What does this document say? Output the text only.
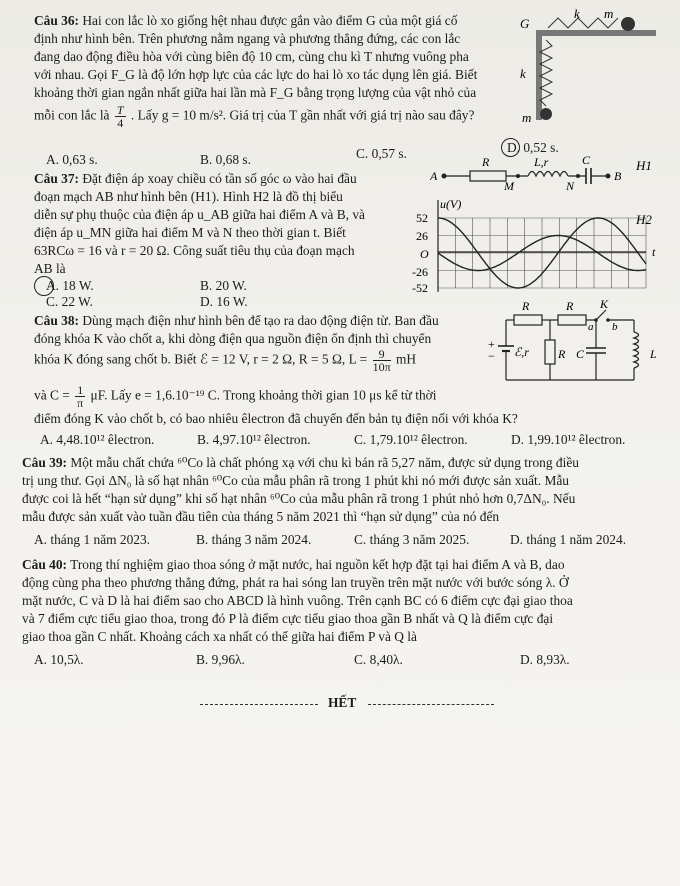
Câu 36: Hai con lắc lò xo giống hệt nhau được gắn vào điểm G của một giá cố
định như hình bên. Trên phương nằm ngang và phương thẳng đứng, các con lắc
đang dao động điều hòa với cùng biên độ 10 cm, cùng chu kì T nhưng vuông pha
với nhau. Gọi F_G là độ lớn hợp lực của các lực do hai lò xo tác dụng lên giá. Biết
khoảng thời gian ngắn nhất giữa hai lần mà F_G bằng trọng lượng của vật nhỏ của
mỗi con lắc là $\frac{T}{4}$ . Lấy g = 10 m/s². Giá trị của T gần nhất với giá trị nào sau đây?
A. 0,63 s.	B. 0,68 s.	C. 0,57 s.	D. 0,52 s.
G
k m
k
m
Câu 37: Đặt điện áp xoay chiều có tần số góc ω vào hai đầu
đoạn mạch AB như hình bên (H1). Hình H2 là đồ thị biểu
diễn sự phụ thuộc của điện áp u_AB giữa hai điểm A và B, và
điện áp u_MN giữa hai điểm M và N theo thời gian t. Biết
63RCω = 16 và r = 20 Ω. Công suất tiêu thụ của đoạn mạch
AB là
A. 18 W.	B. 20 W.
C. 22 W.	D. 16 W.
A
R	L,r	C
B
M	N
H1
u(V)
52
26
O
-26
-52
t
H2
Câu 38: Dùng mạch điện như hình bên để tạo ra dao động điện từ. Ban đầu
đóng khóa K vào chốt a, khi dòng điện qua nguồn điện ổn định thì chuyển
khóa K đóng sang chốt b. Biết ℰ = 12 V, r = 2 Ω, R = 5 Ω, $L = \frac{9}{10\pi}$ mH
và $C = \frac{1}{\pi} \mu F$. Lấy e = 1,6.10⁻¹⁹ C. Trong khoảng thời gian 10 μs kể từ thời
điểm đóng K vào chốt b, có bao nhiêu êlectron đã chuyển đến bản tụ điện nối với khóa K?
A. 4,48.10¹² êlectron.	B. 4,97.10¹² êlectron.	C. 1,79.10¹² êlectron.	D. 1,99.10¹² êlectron.
R	R K
a b
ℰ,r R C	L
+
−
Câu 39: Một mẫu chất chứa ⁶⁰Co là chất phóng xạ với chu kì bán rã 5,27 năm, được sử dụng trong điều
trị ung thư. Gọi ΔN₀ là số hạt nhân ⁶⁰Co của mẫu phân rã trong 1 phút khi nó mới được sản xuất. Mẫu
được coi là hết “hạn sử dụng” khi số hạt nhân ⁶⁰Co của mẫu phân rã trong 1 phút nhỏ hơn 0,7ΔN₀. Nếu
mẫu được sản xuất vào tuần đầu tiên của tháng 5 năm 2021 thì “hạn sử dụng” của nó đến
A. tháng 1 năm 2023.	B. tháng 3 năm 2024.	C. tháng 3 năm 2025.	D. tháng 1 năm 2024.
Câu 40: Trong thí nghiệm giao thoa sóng ở mặt nước, hai nguồn kết hợp đặt tại hai điểm A và B, dao
động cùng pha theo phương thẳng đứng, phát ra hai sóng lan truyền trên mặt nước với bước sóng λ. Ở
mặt nước, C và D là hai điểm sao cho ABCD là hình vuông. Trên cạnh BC có 6 điểm cực đại giao thoa
và 7 điểm cực tiểu giao thoa, trong đó P là điểm cực tiểu giao thoa gần B nhất và Q là điểm cực đại
giao thoa gần C nhất. Khoảng cách xa nhất có thể giữa hai điểm P và Q là
A. 10,5λ.	B. 9,96λ.	C. 8,40λ.	D. 8,93λ.
HẾT
